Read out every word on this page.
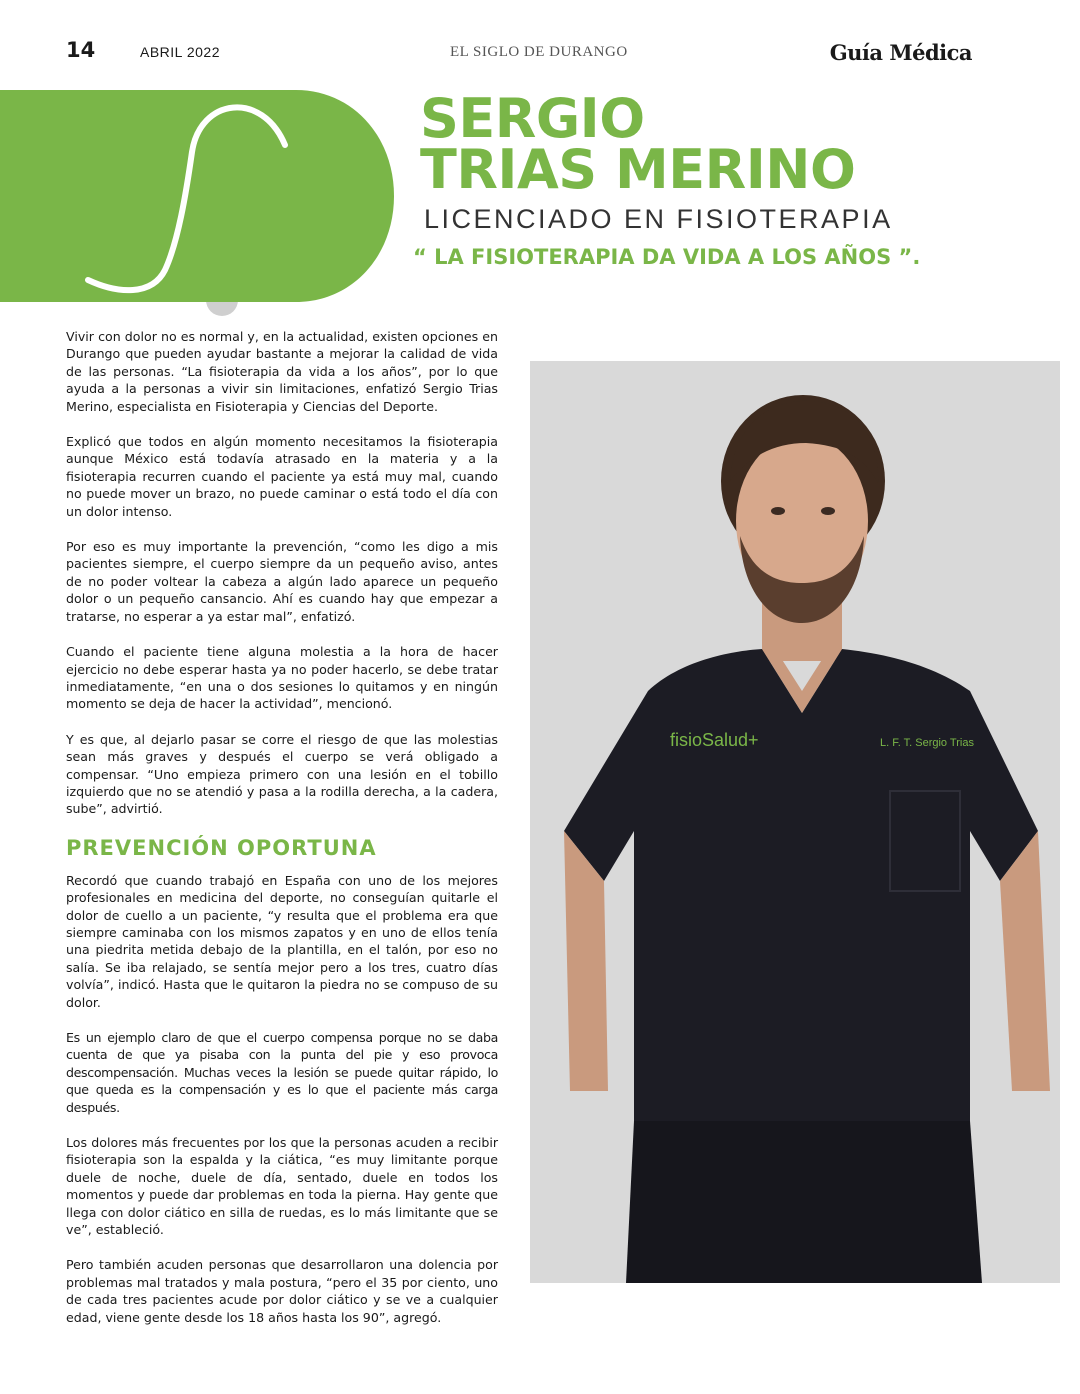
14	ABRIL 2022	EL SIGLO DE DURANGO	Guía Médica
SERGIO
TRIAS MERINO
LICENCIADO EN FISIOTERAPIA
“ LA FISIOTERAPIA DA VIDA A LOS AÑOS ”.

Vivir con dolor no es normal y, en la actualidad, existen opciones en Durango que pueden ayudar bastante a mejorar la calidad de vida de las personas. “La fisioterapia da vida a los años”, por lo que ayuda a la personas a vivir sin limitaciones, enfatizó Sergio Trias Merino, especialista en Fisioterapia y Ciencias del Deporte.

Explicó que todos en algún momento necesitamos la fisioterapia aunque México está todavía atrasado en la materia y a la fisioterapia recurren cuando el paciente ya está muy mal, cuando no puede mover un brazo, no puede caminar o está todo el día con un dolor intenso.

Por eso es muy importante la prevención, “como les digo a mis pacientes siempre, el cuerpo siempre da un pequeño aviso, antes de no poder voltear la cabeza a algún lado aparece un pequeño dolor o un pequeño cansancio. Ahí es cuando hay que empezar a tratarse, no esperar a ya estar mal”, enfatizó.

Cuando el paciente tiene alguna molestia a la hora de hacer ejercicio no debe esperar hasta ya no poder hacerlo, se debe tratar inmediatamente, “en una o dos sesiones lo quitamos y en ningún momento se deja de hacer la actividad”, mencionó.

Y es que, al dejarlo pasar se corre el riesgo de que las molestias sean más graves y después el cuerpo se verá obligado a compensar. “Uno empieza primero con una lesión en el tobillo izquierdo que no se atendió y pasa a la rodilla derecha, a la cadera, sube”, advirtió.

PREVENCIÓN OPORTUNA

Recordó que cuando trabajó en España con uno de los mejores profesionales en medicina del deporte, no conseguían quitarle el dolor de cuello a un paciente, “y resulta que el problema era que siempre caminaba con los mismos zapatos y en uno de ellos tenía una piedrita metida debajo de la plantilla, en el talón, por eso no salía. Se iba relajado, se sentía mejor pero a los tres, cuatro días volvía”, indicó. Hasta que le quitaron la piedra no se compuso de su dolor.

Es un ejemplo claro de que el cuerpo compensa porque no se daba cuenta de que ya pisaba con la punta del pie y eso provoca descompensación. Muchas veces la lesión se puede quitar rápido, lo que queda es la compensación y es lo que el paciente más carga después.

Los dolores más frecuentes por los que la personas acuden a recibir fisioterapia son la espalda y la ciática, “es muy limitante porque duele de noche, duele de día, sentado, duele en todos los momentos y puede dar problemas en toda la pierna. Hay gente que llega con dolor ciático en silla de ruedas, es lo más limitante que se ve”, estableció.

Pero también acuden personas que desarrollaron una dolencia por problemas mal tratados y mala postura, “pero el 35 por ciento, uno de cada tres pacientes acude por dolor ciático y se ve a cualquier edad, viene gente desde los 18 años hasta los 90”, agregó.

fisioSalud+	L. F. T. Sergio Trias
